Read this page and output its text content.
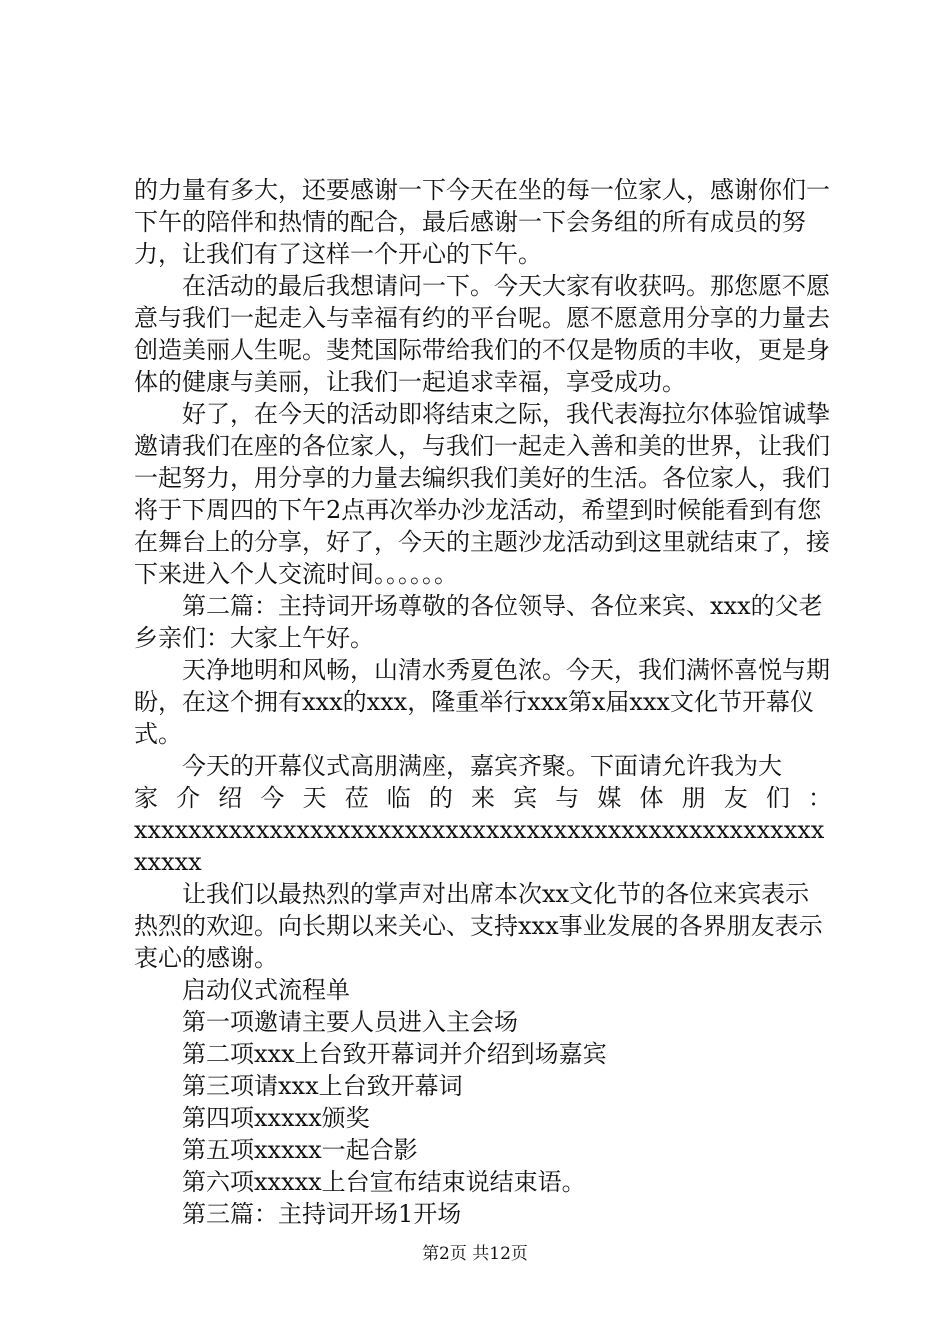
的力量有多大，还要感谢一下今天在坐的每一位家人，感谢你们一下午的陪伴和热情的配合，最后感谢一下会务组的所有成员的努力，让我们有了这样一个开心的下午。

在活动的最后我想请问一下。今天大家有收获吗。那您愿不愿意与我们一起走入与幸福有约的平台呢。愿不愿意用分享的力量去创造美丽人生呢。斐梵国际带给我们的不仅是物质的丰收，更是身体的健康与美丽，让我们一起追求幸福，享受成功。

好了，在今天的活动即将结束之际，我代表海拉尔体验馆诚挚邀请我们在座的各位家人，与我们一起走入善和美的世界，让我们一起努力，用分享的力量去编织我们美好的生活。各位家人，我们将于下周四的下午2点再次举办沙龙活动，希望到时候能看到有您在舞台上的分享，好了，今天的主题沙龙活动到这里就结束了，接下来进入个人交流时间。。。。。。

第二篇：主持词开场尊敬的各位领导、各位来宾、xxx的父老乡亲们：大家上午好。

天净地明和风畅，山清水秀夏色浓。今天，我们满怀喜悦与期盼，在这个拥有xxx的xxx，隆重举行xxx第x届xxx文化节开幕仪式。

今天的开幕仪式高朋满座，嘉宾齐聚。下面请允许我为大

家介绍今天莅临的来宾与媒体朋友们：

xxxxxxxxxxxxxxxxxxxxxxxxxxxxxxxxxxxxxxxxxxxxxxxxxxxxxxxx

让我们以最热烈的掌声对出席本次xx文化节的各位来宾表示热烈的欢迎。向长期以来关心、支持xxx事业发展的各界朋友表示衷心的感谢。

启动仪式流程单

第一项邀请主要人员进入主会场

第二项xxx上台致开幕词并介绍到场嘉宾

第三项请xxx上台致开幕词

第四项xxxxx颁奖

第五项xxxxx一起合影

第六项xxxxx上台宣布结束说结束语。

第三篇：主持词开场1开场

第2页 共12页
